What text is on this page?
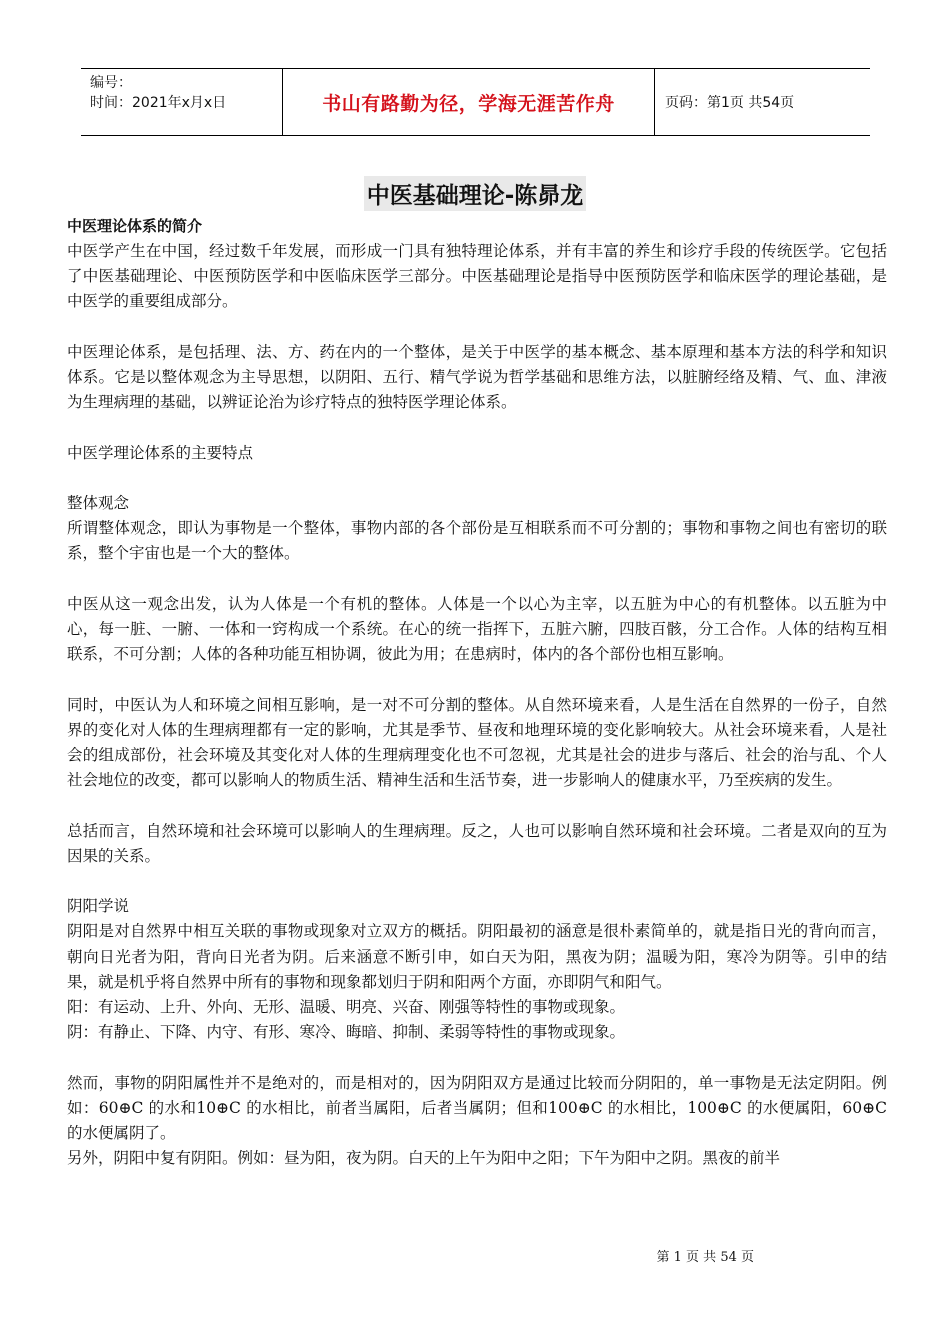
编号：
时间：2021年x月x日	书山有路勤为径，学海无涯苦作舟	页码：第1页 共54页
中医基础理论-陈昴龙
中医理论体系的简介

中医学产生在中国，经过数千年发展，而形成一门具有独特理论体系，并有丰富的养生和诊疗手段的传统医学。它包括了中医基础理论、中医预防医学和中医临床医学三部分。中医基础理论是指导中医预防医学和临床医学的理论基础，是中医学的重要组成部分。

中医理论体系，是包括理、法、方、药在内的一个整体，是关于中医学的基本概念、基本原理和基本方法的科学和知识体系。它是以整体观念为主导思想，以阴阳、五行、精气学说为哲学基础和思维方法，以脏腑经络及精、气、血、津液为生理病理的基础，以辨证论治为诊疗特点的独特医学理论体系。

中医学理论体系的主要特点

整体观念

所谓整体观念，即认为事物是一个整体，事物内部的各个部份是互相联系而不可分割的；事物和事物之间也有密切的联系，整个宇宙也是一个大的整体。

中医从这一观念出发，认为人体是一个有机的整体。人体是一个以心为主宰，以五脏为中心的有机整体。以五脏为中心，每一脏、一腑、一体和一窍构成一个系统。在心的统一指挥下，五脏六腑，四肢百骸，分工合作。人体的结构互相联系，不可分割；人体的各种功能互相协调，彼此为用；在患病时，体内的各个部份也相互影响。

同时，中医认为人和环境之间相互影响，是一对不可分割的整体。从自然环境来看，人是生活在自然界的一份子，自然界的变化对人体的生理病理都有一定的影响，尤其是季节、昼夜和地理环境的变化影响较大。从社会环境来看，人是社会的组成部份，社会环境及其变化对人体的生理病理变化也不可忽视，尤其是社会的进步与落后、社会的治与乱、个人社会地位的改变，都可以影响人的物质生活、精神生活和生活节奏，进一步影响人的健康水平，乃至疾病的发生。

总括而言，自然环境和社会环境可以影响人的生理病理。反之，人也可以影响自然环境和社会环境。二者是双向的互为因果的关系。

阴阳学说

阴阳是对自然界中相互关联的事物或现象对立双方的概括。阴阳最初的涵意是很朴素简单的，就是指日光的背向而言，朝向日光者为阳，背向日光者为阴。后来涵意不断引申，如白天为阳，黑夜为阴；温暖为阳，寒冷为阴等。引申的结果，就是机乎将自然界中所有的事物和现象都划归于阴和阳两个方面，亦即阴气和阳气。

阳：有运动、上升、外向、无形、温暖、明亮、兴奋、刚强等特性的事物或现象。

阴：有静止、下降、内守、有形、寒冷、晦暗、抑制、柔弱等特性的事物或现象。

然而，事物的阴阳属性并不是绝对的，而是相对的，因为阴阳双方是通过比较而分阴阳的，单一事物是无法定阴阳。例如：60⊕C 的水和10⊕C 的水相比，前者当属阳，后者当属阴；但和100⊕C 的水相比，100⊕C 的水便属阳，60⊕C 的水便属阴了。

另外，阴阳中复有阴阳。例如：昼为阳，夜为阴。白天的上午为阳中之阳；下午为阳中之阴。黑夜的前半

第 1 页 共 54 页
